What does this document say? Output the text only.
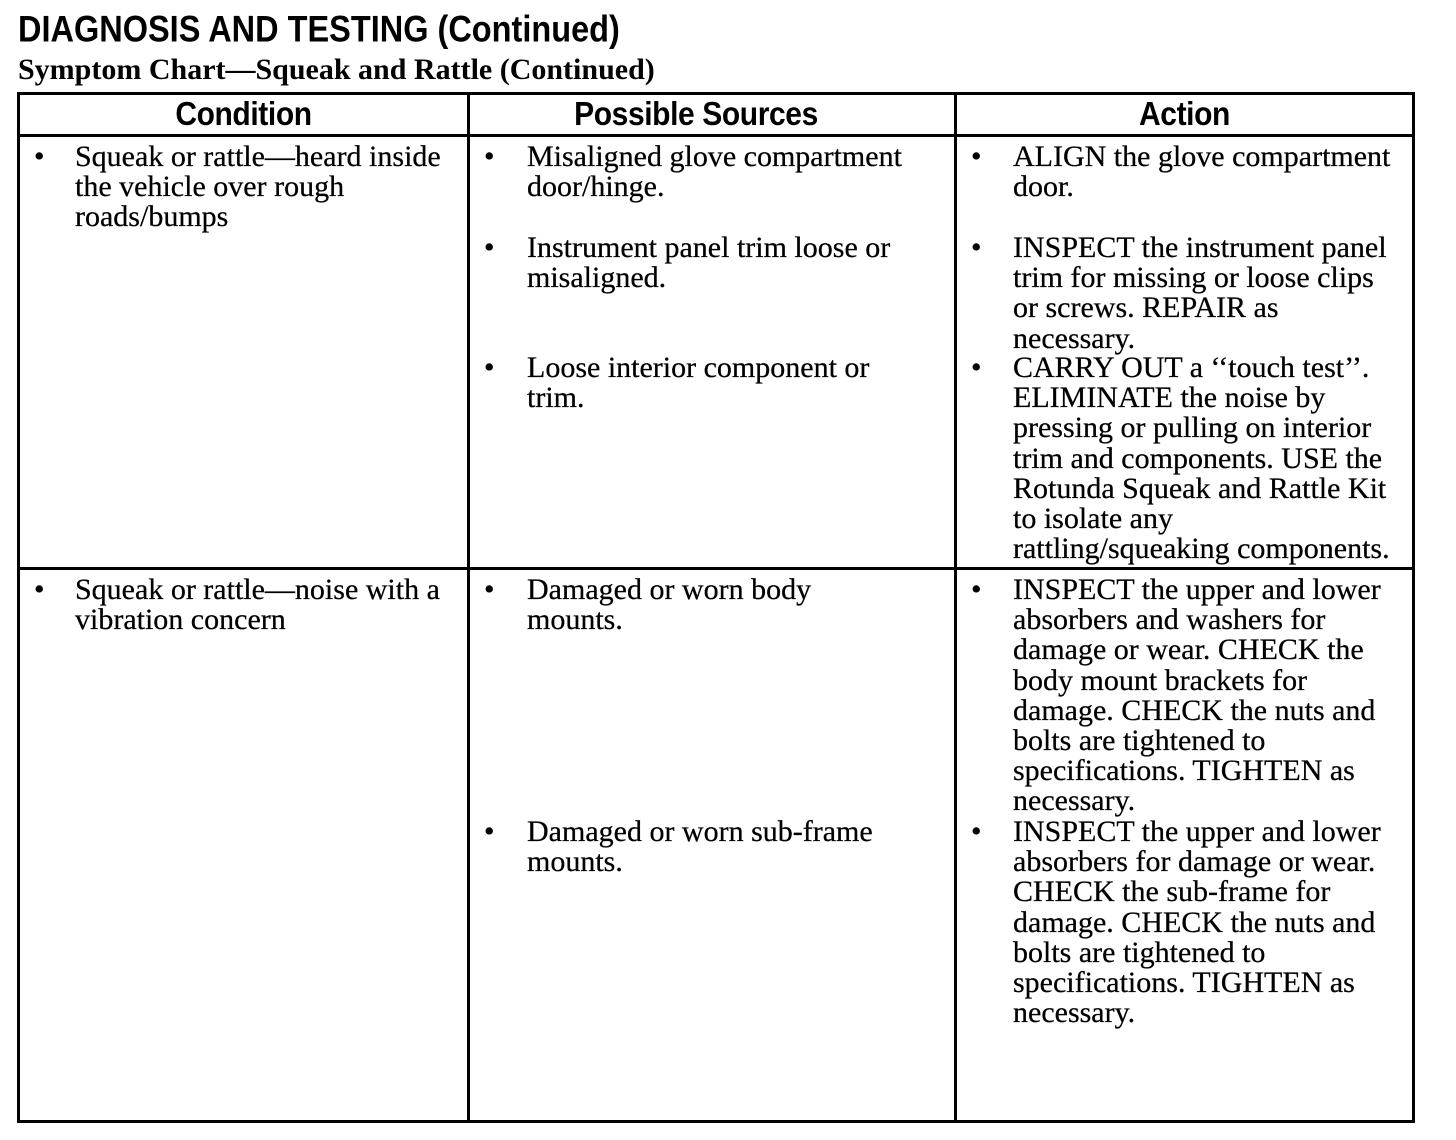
DIAGNOSIS AND TESTING (Continued)
Symptom Chart—Squeak and Rattle (Continued)
Condition	Possible Sources	Action
• Squeak or rattle—heard inside
the vehicle over rough
roads/bumps
• Misaligned glove compartment
door/hinge.
• Instrument panel trim loose or
misaligned.
• Loose interior component or
trim.
• ALIGN the glove compartment
door.
• INSPECT the instrument panel
trim for missing or loose clips
or screws. REPAIR as
necessary.
• CARRY OUT a ‘‘touch test’’.
ELIMINATE the noise by
pressing or pulling on interior
trim and components. USE the
Rotunda Squeak and Rattle Kit
to isolate any
rattling/squeaking components.
• Squeak or rattle—noise with a
vibration concern
• Damaged or worn body
mounts.
• Damaged or worn sub-frame
mounts.
• INSPECT the upper and lower
absorbers and washers for
damage or wear. CHECK the
body mount brackets for
damage. CHECK the nuts and
bolts are tightened to
specifications. TIGHTEN as
necessary.
• INSPECT the upper and lower
absorbers for damage or wear.
CHECK the sub-frame for
damage. CHECK the nuts and
bolts are tightened to
specifications. TIGHTEN as
necessary.
